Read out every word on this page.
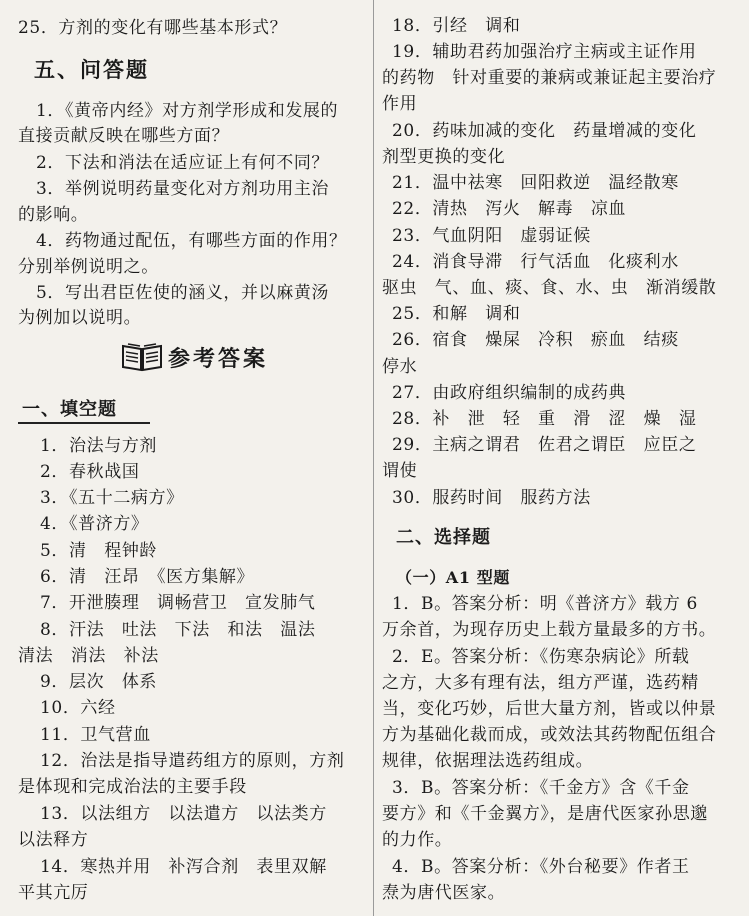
25．方剂的变化有哪些基本形式？
五、问答题
1．《黄帝内经》对方剂学形成和发展的
直接贡献反映在哪些方面？
2．下法和消法在适应证上有何不同？
3．举例说明药量变化对方剂功用主治
的影响。
4．药物通过配伍，有哪些方面的作用？
分别举例说明之。
5．写出君臣佐使的涵义，并以麻黄汤
为例加以说明。
参考答案
一、填空题
1．治法与方剂
2．春秋战国
3．《五十二病方》
4．《普济方》
5．清　程钟龄
6．清　汪昂　《医方集解》
7．开泄腠理　调畅营卫　宣发肺气
8．汗法　吐法　下法　和法　温法
清法　消法　补法
9．层次　体系
10．六经
11．卫气营血
12．治法是指导遣药组方的原则，方剂
是体现和完成治法的主要手段
13．以法组方　以法遣方　以法类方
以法释方
14．寒热并用　补泻合剂　表里双解
平其亢厉
18．引经　调和
19．辅助君药加强治疗主病或主证作用
的药物　针对重要的兼病或兼证起主要治疗
作用
20．药味加减的变化　药量增减的变化
剂型更换的变化
21．温中祛寒　回阳救逆　温经散寒
22．清热　泻火　解毒　凉血
23．气血阴阳　虚弱证候
24．消食导滞　行气活血　化痰利水
驱虫　气、血、痰、食、水、虫　渐消缓散
25．和解　调和
26．宿食　燥屎　冷积　瘀血　结痰
停水
27．由政府组织编制的成药典
28．补　泄　轻　重　滑　涩　燥　湿
29．主病之谓君　佐君之谓臣　应臣之
谓使
30．服药时间　服药方法
二、选择题
（一）A1 型题
1．B。答案分析：明《普济方》载方 6
万余首，为现存历史上载方量最多的方书。
2．E。答案分析：《伤寒杂病论》所载
之方，大多有理有法，组方严谨，选药精
当，变化巧妙，后世大量方剂，皆或以仲景
方为基础化裁而成，或效法其药物配伍组合
规律，依据理法选药组成。
3．B。答案分析：《千金方》含《千金
要方》和《千金翼方》，是唐代医家孙思邈
的力作。
4．B。答案分析：《外台秘要》作者王
焘为唐代医家。
